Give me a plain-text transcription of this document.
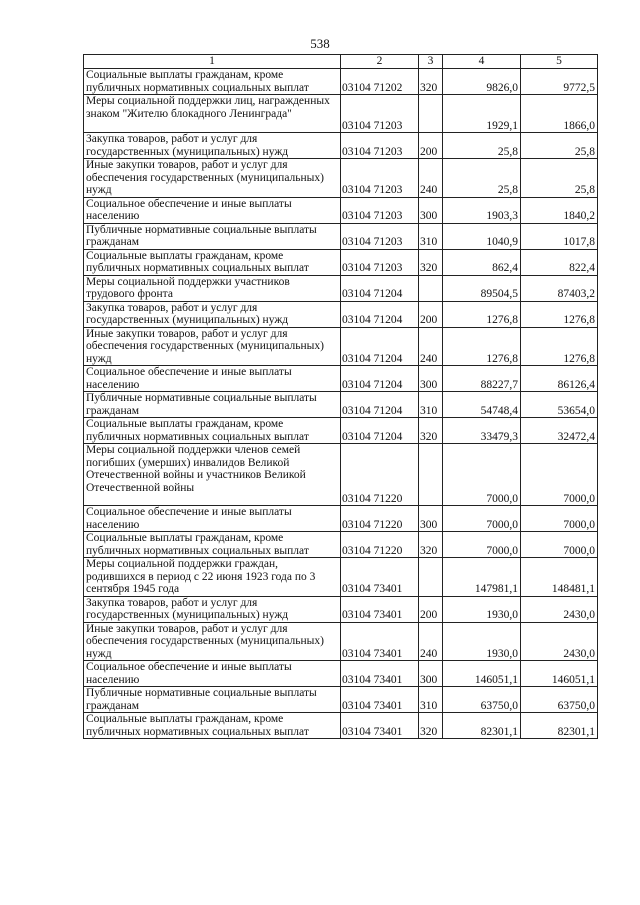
538
1	2	3	4	5
Социальные выплаты гражданам, кроме публичных нормативных социальных выплат	03104 71202	320	9826,0	9772,5
Меры социальной поддержки лиц, награжденных знаком "Жителю блокадного Ленинграда"	03104 71203		1929,1	1866,0
Закупка товаров, работ и услуг для государственных (муниципальных) нужд	03104 71203	200	25,8	25,8
Иные закупки товаров, работ и услуг для обеспечения государственных (муниципальных) нужд	03104 71203	240	25,8	25,8
Социальное обеспечение и иные выплаты населению	03104 71203	300	1903,3	1840,2
Публичные нормативные социальные выплаты гражданам	03104 71203	310	1040,9	1017,8
Социальные выплаты гражданам, кроме публичных нормативных социальных выплат	03104 71203	320	862,4	822,4
Меры социальной поддержки участников трудового фронта	03104 71204		89504,5	87403,2
Закупка товаров, работ и услуг для государственных (муниципальных) нужд	03104 71204	200	1276,8	1276,8
Иные закупки товаров, работ и услуг для обеспечения государственных (муниципальных) нужд	03104 71204	240	1276,8	1276,8
Социальное обеспечение и иные выплаты населению	03104 71204	300	88227,7	86126,4
Публичные нормативные социальные выплаты гражданам	03104 71204	310	54748,4	53654,0
Социальные выплаты гражданам, кроме публичных нормативных социальных выплат	03104 71204	320	33479,3	32472,4
Меры социальной поддержки членов семей погибших (умерших) инвалидов Великой Отечественной войны и участников Великой Отечественной войны	03104 71220		7000,0	7000,0
Социальное обеспечение и иные выплаты населению	03104 71220	300	7000,0	7000,0
Социальные выплаты гражданам, кроме публичных нормативных социальных выплат	03104 71220	320	7000,0	7000,0
Меры социальной поддержки граждан, родившихся в период с 22 июня 1923 года по 3 сентября 1945 года	03104 73401		147981,1	148481,1
Закупка товаров, работ и услуг для государственных (муниципальных) нужд	03104 73401	200	1930,0	2430,0
Иные закупки товаров, работ и услуг для обеспечения государственных (муниципальных) нужд	03104 73401	240	1930,0	2430,0
Социальное обеспечение и иные выплаты населению	03104 73401	300	146051,1	146051,1
Публичные нормативные социальные выплаты гражданам	03104 73401	310	63750,0	63750,0
Социальные выплаты гражданам, кроме публичных нормативных социальных выплат	03104 73401	320	82301,1	82301,1
